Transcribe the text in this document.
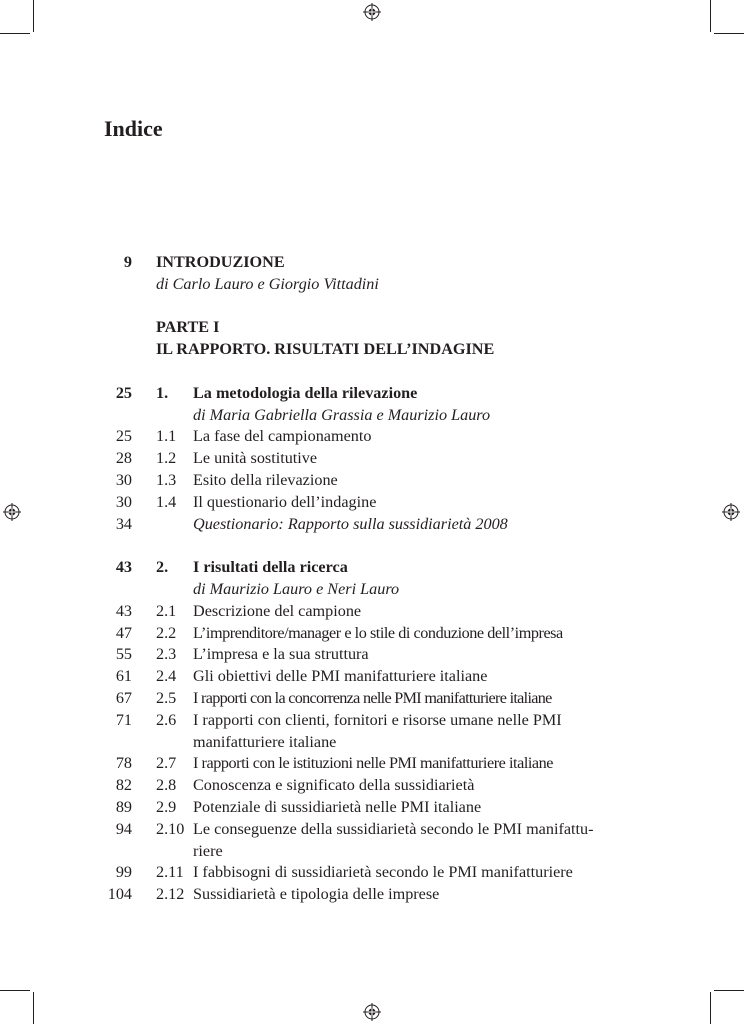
Indice
9	INTRODUZIONE
di Carlo Lauro e Giorgio Vittadini
PARTE I
IL RAPPORTO. RISULTATI DELL’INDAGINE
25	1.	La metodologia della rilevazione
di Maria Gabriella Grassia e Maurizio Lauro
25	1.1	La fase del campionamento
28	1.2	Le unità sostitutive
30	1.3	Esito della rilevazione
30	1.4	Il questionario dell’indagine
34	Questionario: Rapporto sulla sussidiarietà 2008
43	2.	I risultati della ricerca
di Maurizio Lauro e Neri Lauro
43	2.1	Descrizione del campione
47	2.2	L’imprenditore/manager e lo stile di conduzione dell’impresa
55	2.3	L’impresa e la sua struttura
61	2.4	Gli obiettivi delle PMI manifatturiere italiane
67	2.5	I rapporti con la concorrenza nelle PMI manifatturiere italiane
71	2.6	I rapporti con clienti, fornitori e risorse umane nelle PMI
manifatturiere italiane
78	2.7	I rapporti con le istituzioni nelle PMI manifatturiere italiane
82	2.8	Conoscenza e significato della sussidiarietà
89	2.9	Potenziale di sussidiarietà nelle PMI italiane
94	2.10 Le conseguenze della sussidiarietà secondo le PMI manifattu-
riere
99	2.11 I fabbisogni di sussidiarietà secondo le PMI manifatturiere
104	2.12 Sussidiarietà e tipologia delle imprese
